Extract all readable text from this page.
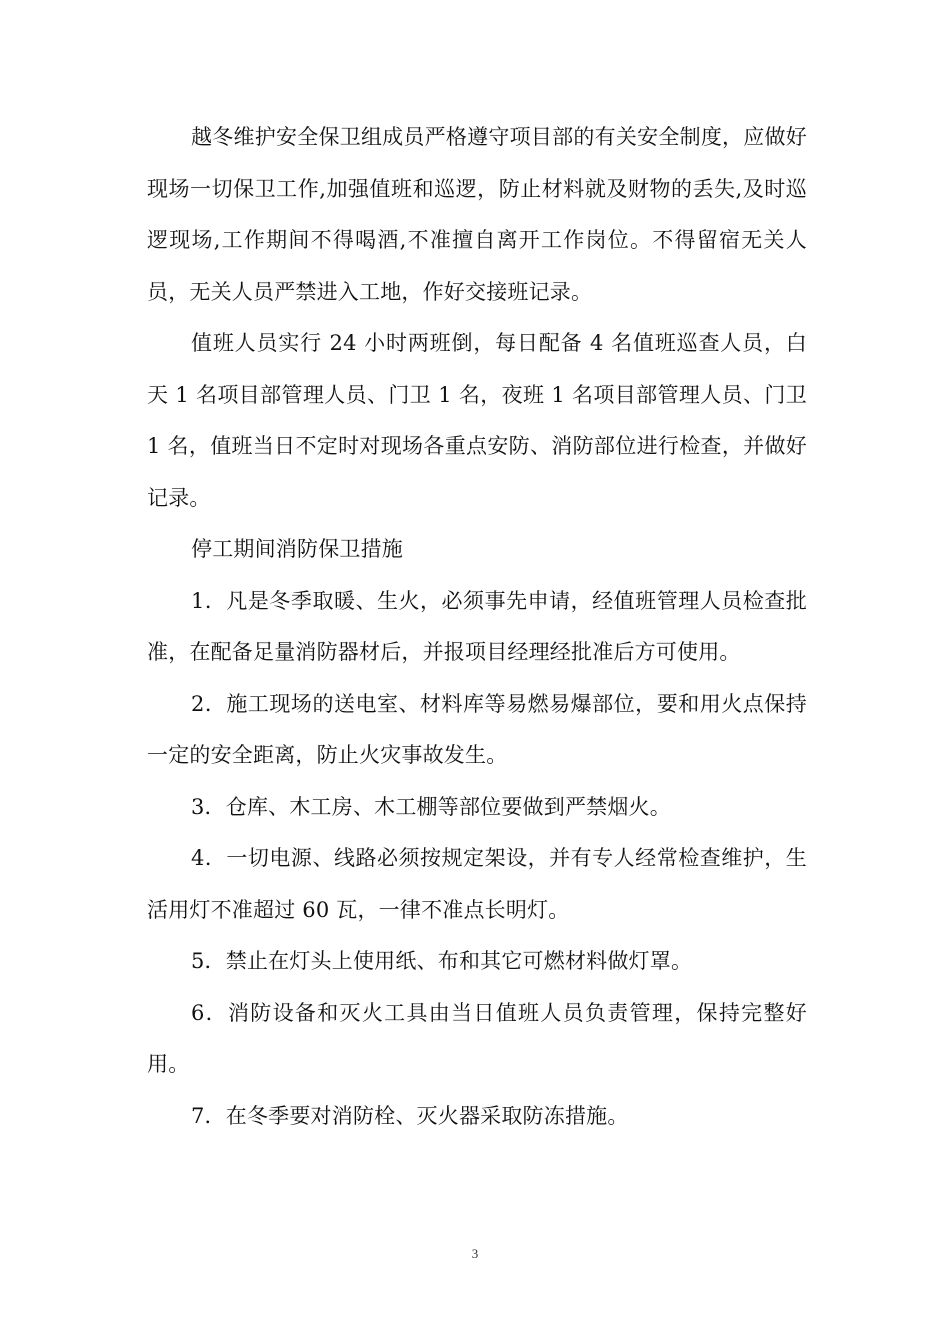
越冬维护安全保卫组成员严格遵守项目部的有关安全制度，应做好现场一切保卫工作,加强值班和巡逻，防止材料就及财物的丢失,及时巡逻现场,工作期间不得喝酒,不准擅自离开工作岗位。不得留宿无关人员，无关人员严禁进入工地，作好交接班记录。

值班人员实行 24 小时两班倒，每日配备 4 名值班巡查人员，白天 1 名项目部管理人员、门卫 1 名，夜班 1 名项目部管理人员、门卫 1 名，值班当日不定时对现场各重点安防、消防部位进行检查，并做好记录。

停工期间消防保卫措施

1．凡是冬季取暖、生火，必须事先申请，经值班管理人员检查批准，在配备足量消防器材后，并报项目经理经批准后方可使用。

2．施工现场的送电室、材料库等易燃易爆部位，要和用火点保持一定的安全距离，防止火灾事故发生。

3．仓库、木工房、木工棚等部位要做到严禁烟火。

4．一切电源、线路必须按规定架设，并有专人经常检查维护，生活用灯不准超过 60 瓦，一律不准点长明灯。

5．禁止在灯头上使用纸、布和其它可燃材料做灯罩。

6．消防设备和灭火工具由当日值班人员负责管理，保持完整好用。

7．在冬季要对消防栓、灭火器采取防冻措施。

3
